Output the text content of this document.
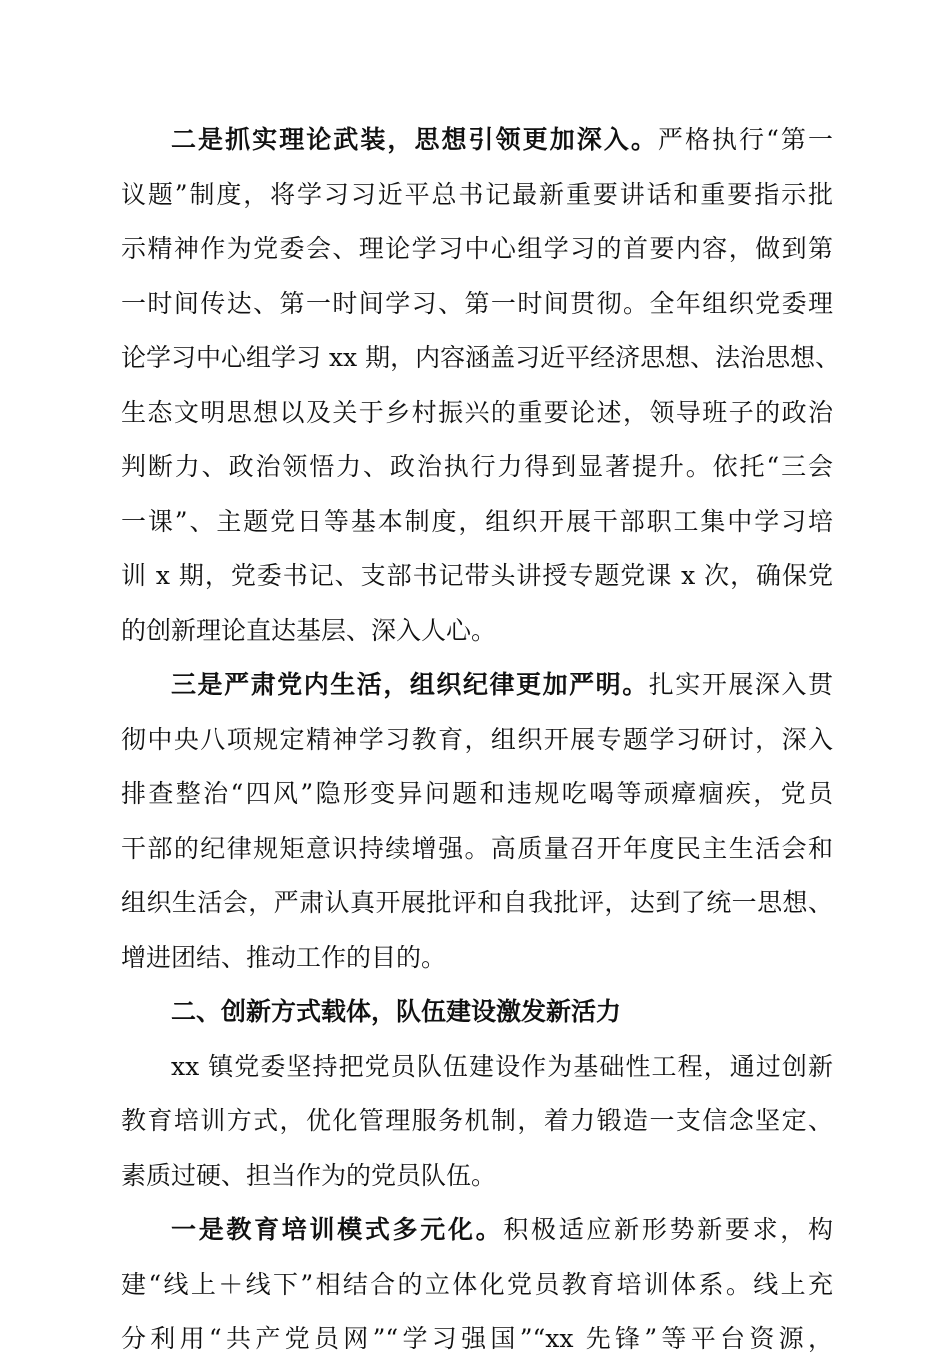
二是抓实理论武装，思想引领更加深入。严格执行“第一
议题”制度，将学习习近平总书记最新重要讲话和重要指示批
示精神作为党委会、理论学习中心组学习的首要内容，做到第
一时间传达、第一时间学习、第一时间贯彻。全年组织党委理
论学习中心组学习 xx 期，内容涵盖习近平经济思想、法治思想、
生态文明思想以及关于乡村振兴的重要论述，领导班子的政治
判断力、政治领悟力、政治执行力得到显著提升。依托“三会
一课”、主题党日等基本制度，组织开展干部职工集中学习培
训 x 期，党委书记、支部书记带头讲授专题党课 x 次，确保党
的创新理论直达基层、深入人心。
三是严肃党内生活，组织纪律更加严明。扎实开展深入贯
彻中央八项规定精神学习教育，组织开展专题学习研讨，深入
排查整治“四风”隐形变异问题和违规吃喝等顽瘴痼疾，党员
干部的纪律规矩意识持续增强。高质量召开年度民主生活会和
组织生活会，严肃认真开展批评和自我批评，达到了统一思想、
增进团结、推动工作的目的。
二、创新方式载体，队伍建设激发新活力
xx 镇党委坚持把党员队伍建设作为基础性工程，通过创新
教育培训方式，优化管理服务机制，着力锻造一支信念坚定、
素质过硬、担当作为的党员队伍。
一是教育培训模式多元化。积极适应新形势新要求，构
建“线上＋线下”相结合的立体化党员教育培训体系。线上充
分利用“共产党员网”“学习强国”“xx 先锋”等平台资源，
